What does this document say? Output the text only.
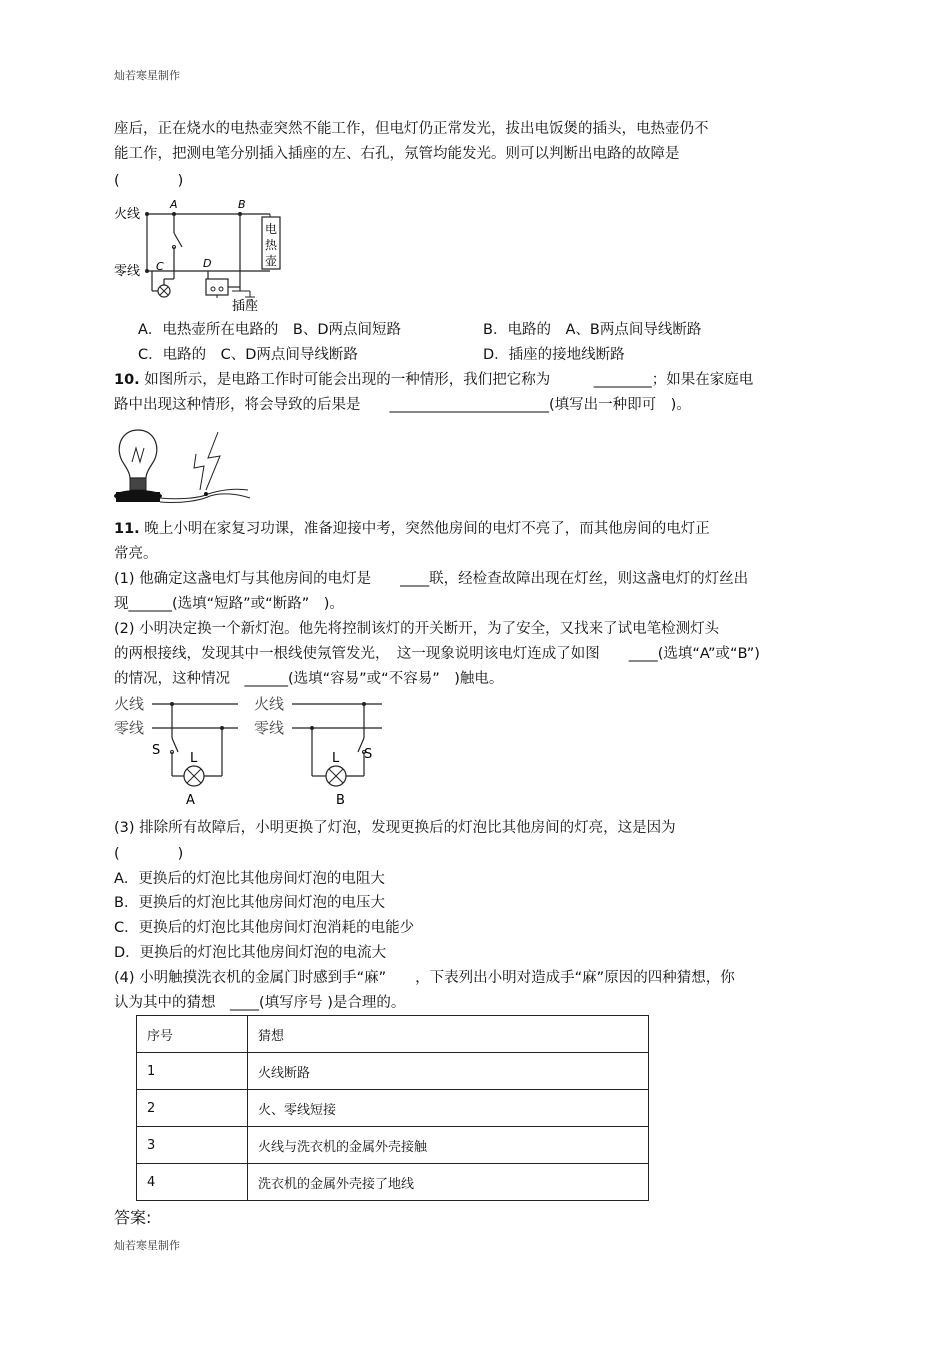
灿若寒星制作
座后，正在烧水的电热壶突然不能工作，但电灯仍正常发光，拔出电饭煲的插头，电热壶仍不
能工作，把测电笔分别插入插座的左、右孔，氖管均能发光。则可以判断出电路的故障是
(　　　　)
火线
零线
A
C
B
电
热
壶
D
插座
A．电热壶所在电路的　B、D两点间短路	B．电路的　A、B两点间导线断路
C．电路的　C、D两点间导线断路	D．插座的接地线断路
10. 如图所示，是电路工作时可能会出现的一种情形，我们把它称为　　　________；如果在家庭电
路中出现这种情形，将会导致的后果是　　______________________(填写出一种即可　)。
11. 晚上小明在家复习功课，准备迎接中考，突然他房间的电灯不亮了，而其他房间的电灯正
常亮。
(1) 他确定这盏电灯与其他房间的电灯是　　____联，经检查故障出现在灯丝，则这盏电灯的灯丝出
现______(选填“短路”或“断路”　)。
(2) 小明决定换一个新灯泡。他先将控制该灯的开关断开，为了安全，又找来了试电笔检测灯头
的两根接线，发现其中一根线使氖管发光，　这一现象说明该电灯连成了如图　　____(选填“A”或“B”)
的情况，这种情况　______(选填“容易”或“不容易”　)触电。
火线
零线
S
L
A
火线
零线
S
L
B
(3) 排除所有故障后，小明更换了灯泡，发现更换后的灯泡比其他房间的灯亮，这是因为
(　　　　)
A．更换后的灯泡比其他房间灯泡的电阻大
B．更换后的灯泡比其他房间灯泡的电压大
C．更换后的灯泡比其他房间灯泡消耗的电能少
D．更换后的灯泡比其他房间灯泡的电流大
(4) 小明触摸洗衣机的金属门时感到手“麻”　　，下表列出小明对造成手“麻”原因的四种猜想，你
认为其中的猜想　____(填写序号 )是合理的。
序号	猜想
1	火线断路
2	火、零线短接
3	火线与洗衣机的金属外壳接触
4	洗衣机的金属外壳接了地线
答案:
灿若寒星制作
